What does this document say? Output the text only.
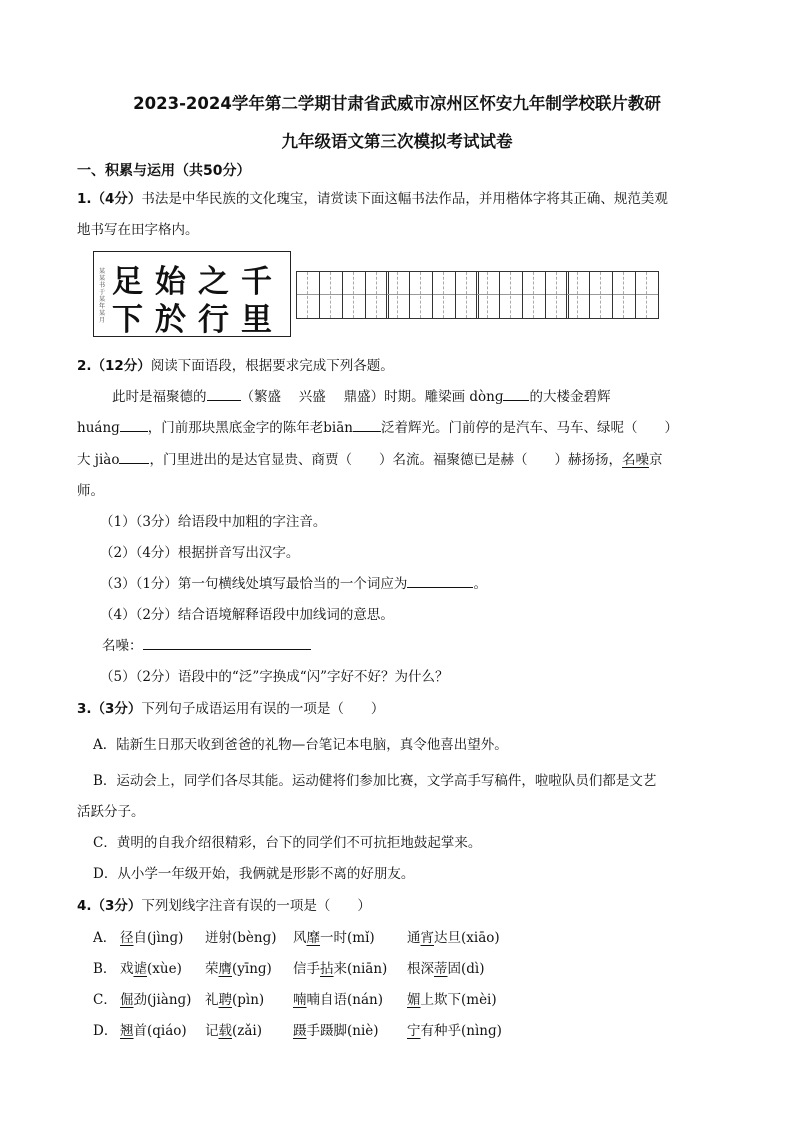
2023-2024学年第二学期甘肃省武威市凉州区怀安九年制学校联片教研
九年级语文第三次模拟考试试卷
一、积累与运用（共50分）
1.（4分）书法是中华民族的文化瑰宝，请赏读下面这幅书法作品，并用楷体字将其正确、规范美观
地书写在田字格内。
某某书于某年某月
足始之千
下於行里
2.（12分）阅读下面语段，根据要求完成下列各题。
此时是福聚德的	（繁盛　 兴盛　 鼎盛）时期。雕梁画 dònɡ 的大楼金碧辉
huánɡ ，门前那块黑底金字的陈年老biān 泛着辉光。门前停的是汽车、马车、绿呢（　　）
大 jiào ，门里进出的是达官显贵、商贾（　　）名流。福聚德已是赫（　　）赫扬扬，名噪京
师。
（1）（3分）给语段中加粗的字注音。
（2）（4分）根据拼音写出汉字。
（3）（1分）第一句横线处填写最恰当的一个词应为	。
（4）（2分）结合语境解释语段中加线词的意思。
名噪：
（5）（2分）语段中的“泛”字换成“闪”字好不好？为什么？
3.（3分）下列句子成语运用有误的一项是（　　）
A．陆新生日那天收到爸爸的礼物—台笔记本电脑，真令他喜出望外。
B．运动会上，同学们各尽其能。运动健将们参加比赛，文学高手写稿件，啦啦队员们都是文艺
活跃分子。
C．黄明的自我介绍很精彩，台下的同学们不可抗拒地鼓起掌来。
D．从小学一年级开始，我俩就是形影不离的好朋友。
4.（3分）下列划线字注音有误的一项是（　　）
A． 径自(jìnɡ) 迸射(bènɡ) 风靡一时(mǐ) 通宵达旦(xiāo)
B． 戏谑(xùe) 荣膺(yīnɡ) 信手拈来(niān) 根深蒂固(dì)
C． 倔劲(jiànɡ) 礼聘(pìn) 喃喃自语(nán) 媚上欺下(mèi)
D． 翘首(qiáo) 记载(zǎi) 蹑手蹑脚(niè) 宁有种乎(nìnɡ)
